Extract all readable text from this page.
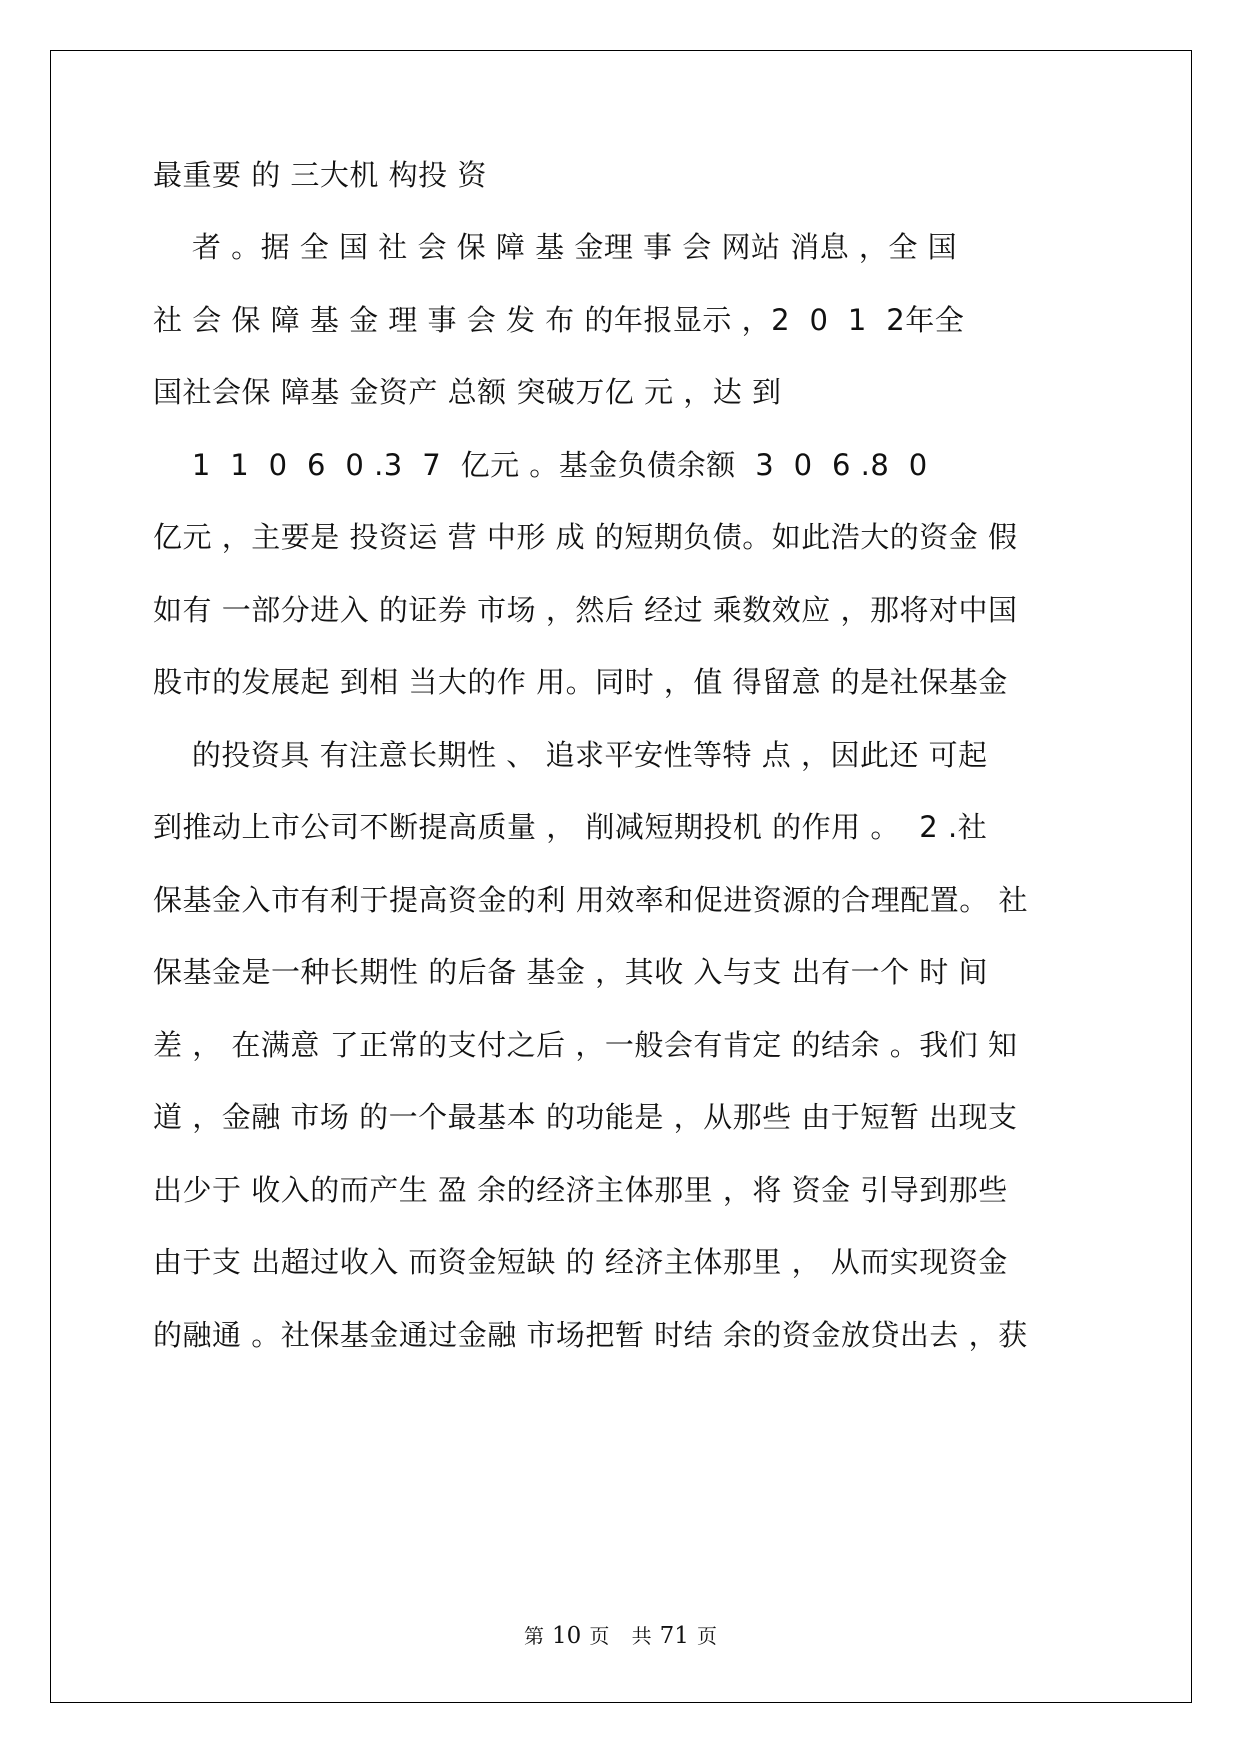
最重要 的 三大机 构投 资
者 。据 全 国 社 会 保 障 基 金理 事 会 网站 消息 ，全 国
社 会 保 障 基 金 理 事 会 发 布 的年报显示 ，2  0  1  2年全
国社会保 障基 金资产 总额 突破万亿 元 ，达 到
1  1  0  6  0 .3  7  亿元 。基金负债余额  3  0  6 .8  0
亿元 ，主要是 投资运 营 中形 成 的短期负债。如此浩大的资金 假
如有 一部分进入 的证券 市场 ，然后 经过 乘数效应 ，那将对中国
股市的发展起 到相 当大的作 用。同时 ，值 得留意 的是社保基金
的投资具 有注意长期性 、 追求平安性等特 点 ，因此还 可起
到推动上市公司不断提高质量 ， 削减短期投机 的作用 。  2 .社
保基金入市有利于提高资金的利 用效率和促进资源的合理配置。 社
保基金是一种长期性 的后备 基金 ，其收 入与支 出有一个 时 间
差 ， 在满意 了正常的支付之后 ，一般会有肯定 的结余 。我们 知
道 ，金融 市场 的一个最基本 的功能是 ，从那些 由于短暂 出现支
出少于 收入的而产生 盈 余的经济主体那里 ，将 资金 引导到那些
由于支 出超过收入 而资金短缺 的 经济主体那里 ， 从而实现资金
的融通 。社保基金通过金融 市场把暂 时结 余的资金放贷出去 ，获
第 10 页 共 71 页
